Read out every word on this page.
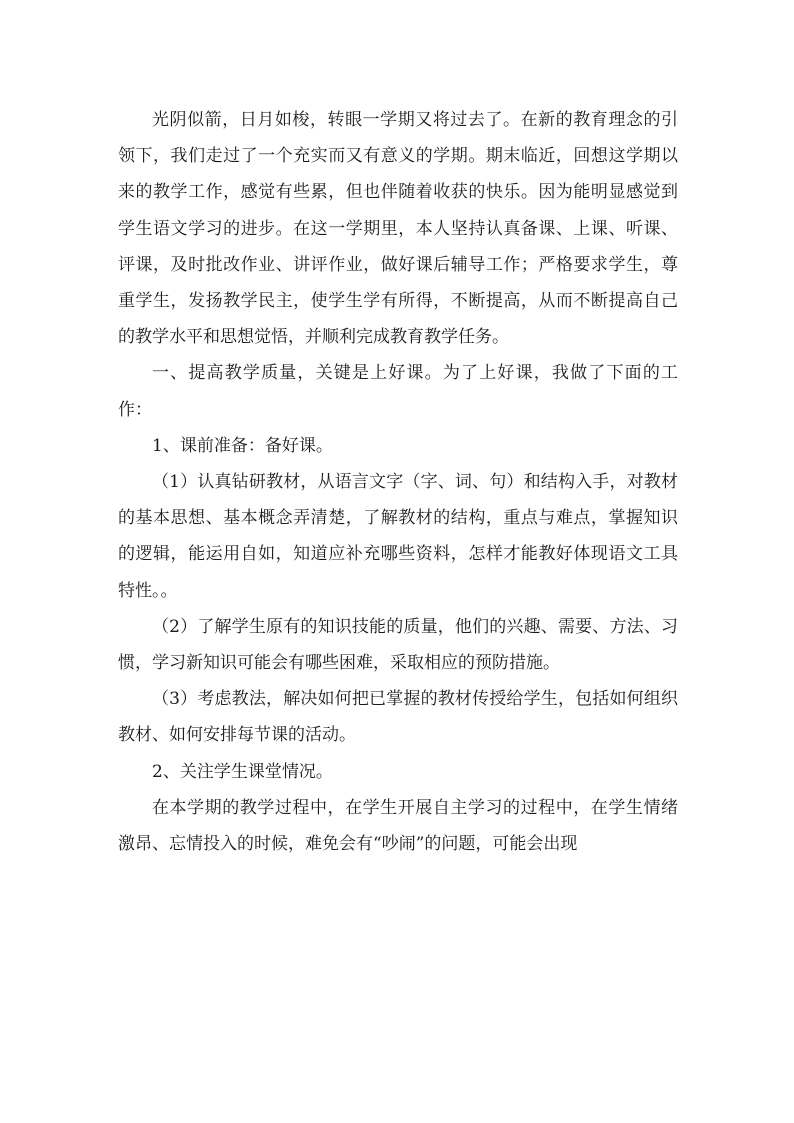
光阴似箭，日月如梭，转眼一学期又将过去了。在新的教育理念的引领下，我们走过了一个充实而又有意义的学期。期末临近，回想这学期以来的教学工作，感觉有些累，但也伴随着收获的快乐。因为能明显感觉到学生语文学习的进步。在这一学期里，本人坚持认真备课、上课、听课、评课，及时批改作业、讲评作业，做好课后辅导工作；严格要求学生，尊重学生，发扬教学民主，使学生学有所得，不断提高，从而不断提高自己的教学水平和思想觉悟，并顺利完成教育教学任务。

一、提高教学质量，关键是上好课。为了上好课，我做了下面的工作：

1、课前准备：备好课。

（1）认真钻研教材，从语言文字（字、词、句）和结构入手，对教材的基本思想、基本概念弄清楚，了解教材的结构，重点与难点，掌握知识的逻辑，能运用自如，知道应补充哪些资料，怎样才能教好体现语文工具特性。。

（2）了解学生原有的知识技能的质量，他们的兴趣、需要、方法、习惯，学习新知识可能会有哪些困难，采取相应的预防措施。

（3）考虑教法，解决如何把已掌握的教材传授给学生，包括如何组织教材、如何安排每节课的活动。

2、关注学生课堂情况。

在本学期的教学过程中，在学生开展自主学习的过程中，在学生情绪激昂、忘情投入的时候，难免会有“吵闹”的问题，可能会出现
